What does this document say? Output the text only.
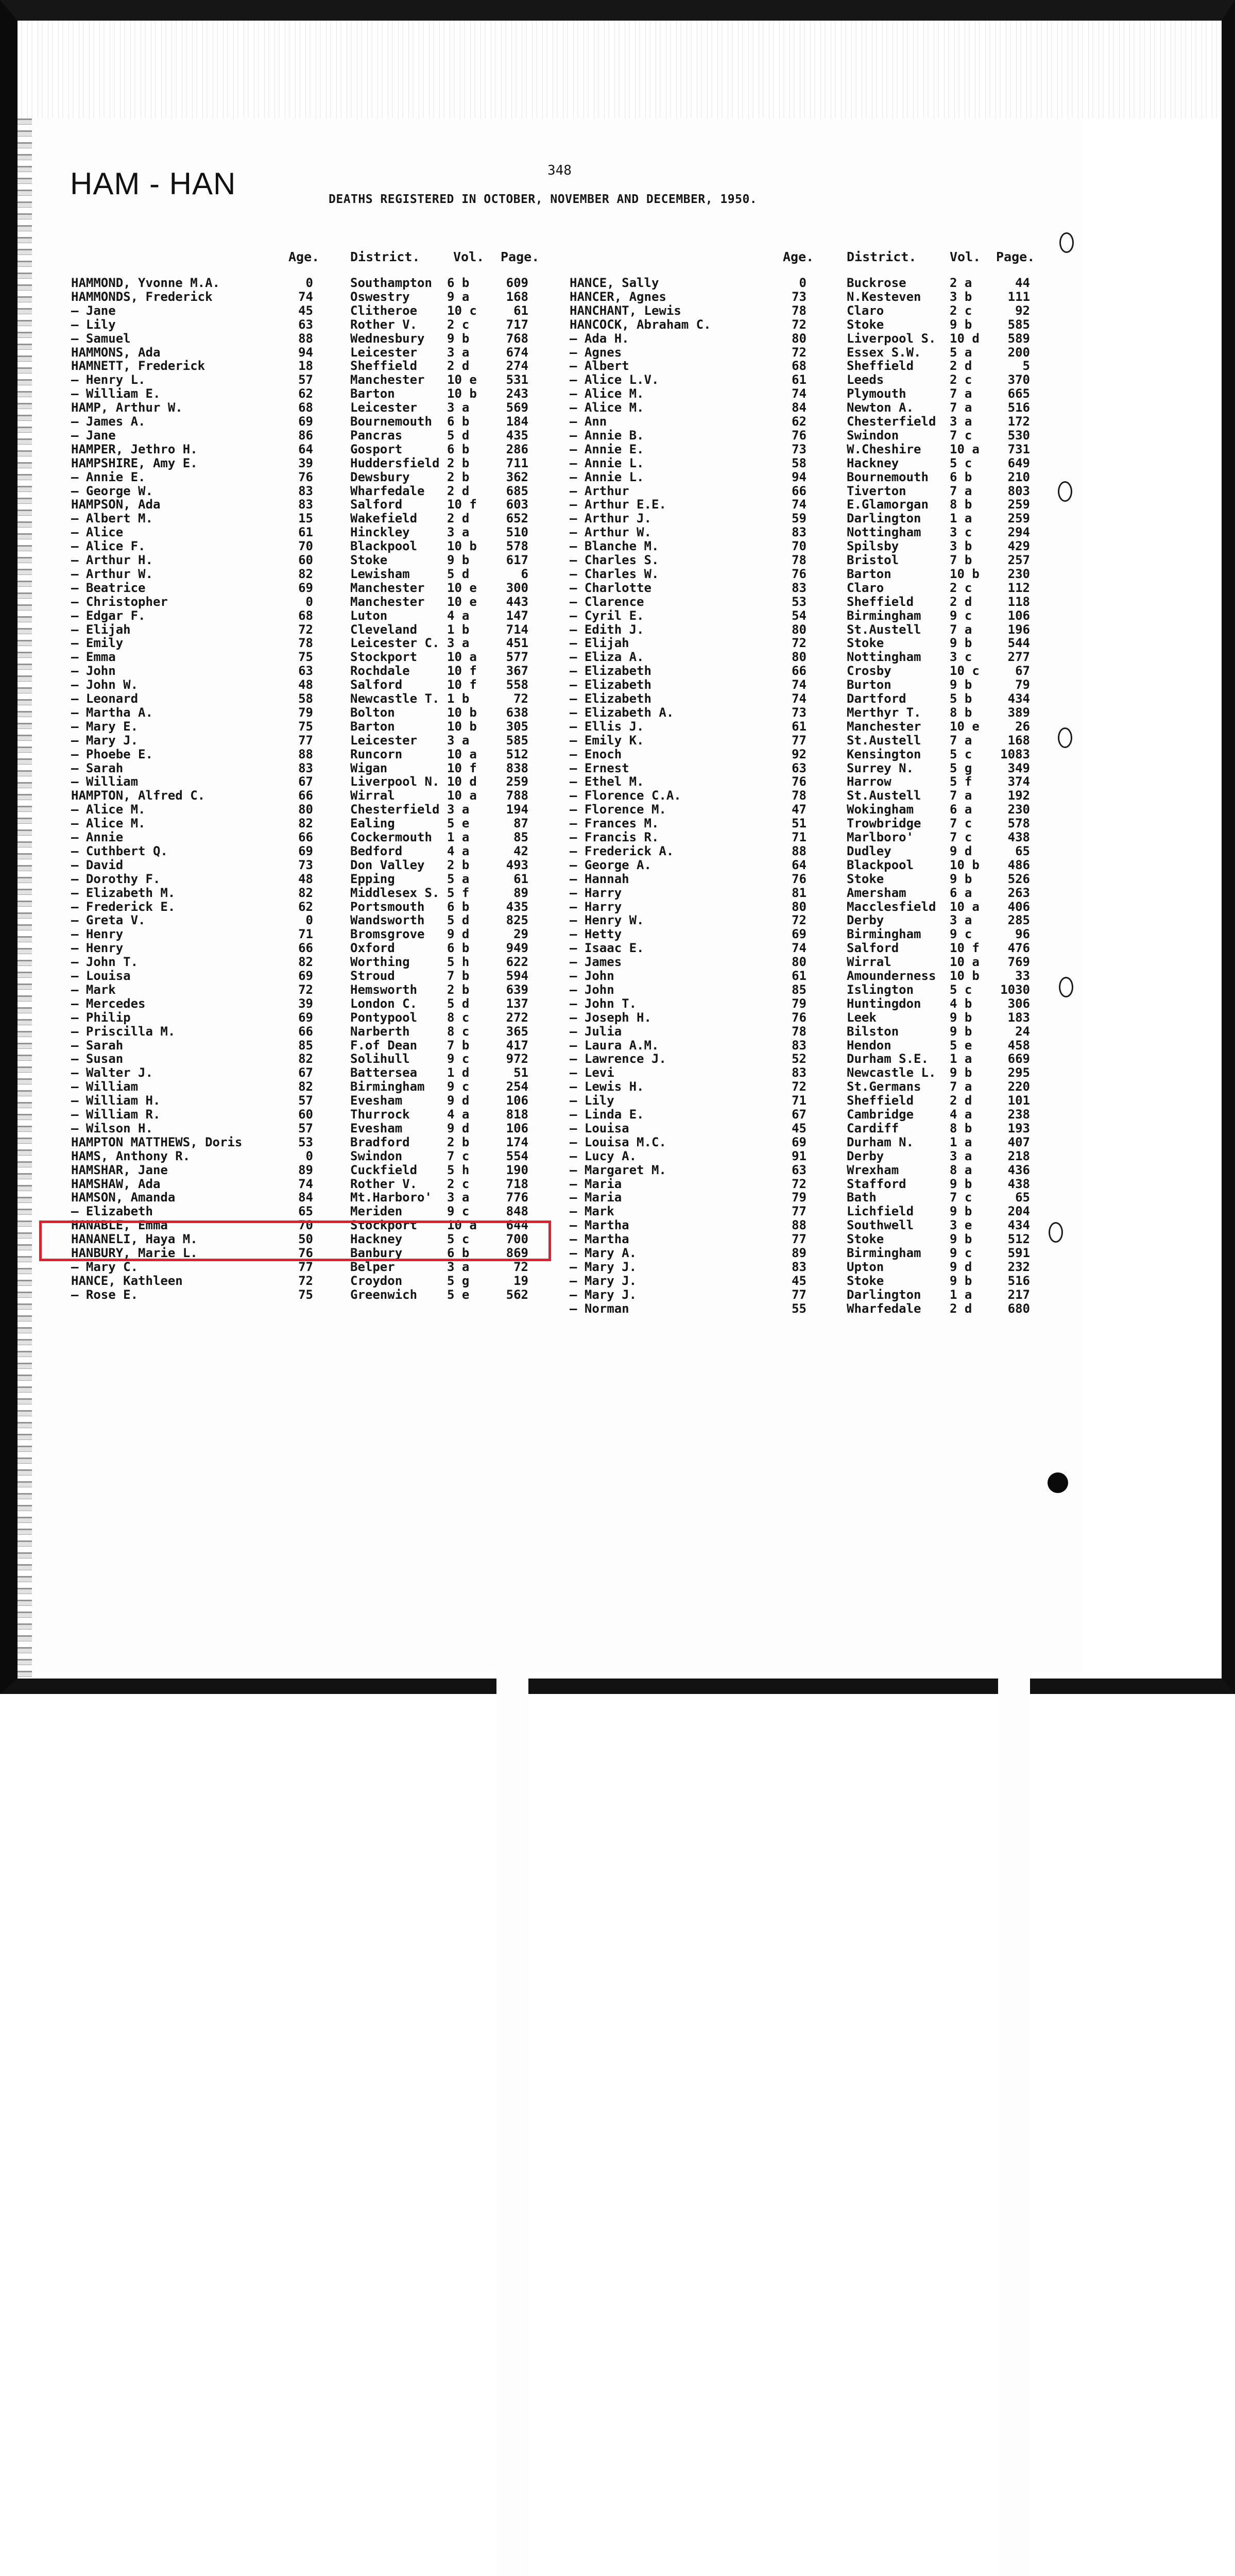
HAM - HAN	348
DEATHS REGISTERED IN OCTOBER, NOVEMBER AND DECEMBER, 1950.
Age. District.	Vol. Page.	Age.	District.	Vol. Page.
HAMMOND, Yvonne M.A.	0	Southampton 6 b	609
HAMMONDS, Frederick	74	Oswestry	9 a	168
— Jane	45	Clitheroe 10 c	61
— Lily	63	Rother V. 2 c	717
— Samuel	88	Wednesbury 9 b	768
HAMMONS, Ada	94	Leicester 3 a	674
HAMNETT, Frederick	18	Sheffield 2 d	274
— Henry L.	57	Manchester 10 e	531
— William E.	62	Barton	10 b	243
HAMP, Arthur W.	68	Leicester 3 a	569
— James A.	69	Bournemouth 6 b	184
— Jane	86	Pancras	5 d	435
HAMPER, Jethro H.	64	Gosport	6 b	286
HAMPSHIRE, Amy E.	39	Huddersfield 2 b	711
— Annie E.	76	Dewsbury	2 b	362
— George W.	83	Wharfedale 2 d	685
HAMPSON, Ada	83	Salford	10 f	603
— Albert M.	15	Wakefield 2 d	652
— Alice	61	Hinckley	3 a	510
— Alice F.	70	Blackpool 10 b	578
— Arthur H.	60	Stoke	9 b	617
— Arthur W.	82	Lewisham	5 d	6
— Beatrice	69	Manchester 10 e	300
— Christopher	0	Manchester 10 e	443
— Edgar F.	68	Luton	4 a	147
— Elijah	72	Cleveland 1 b	714
— Emily	78	Leicester C. 3 a	451
— Emma	75	Stockport 10 a	577
— John	63	Rochdale	10 f	367
— John W.	48	Salford	10 f	558
— Leonard	58	Newcastle T. 1 b	72
— Martha A.	79	Bolton	10 b	638
— Mary E.	75	Barton	10 b	305
— Mary J.	77	Leicester 3 a	585
— Phoebe E.	88	Runcorn	10 a	512
— Sarah	83	Wigan	10 f	838
— William	67	Liverpool N. 10 d	259
HAMPTON, Alfred C.	66	Wirral	10 a	788
— Alice M.	80	Chesterfield 3 a	194
— Alice M.	82	Ealing	5 e	87
— Annie	66	Cockermouth 1 a	85
— Cuthbert Q.	69	Bedford	4 a	42
— David	73	Don Valley 2 b	493
— Dorothy F.	48	Epping	5 a	61
— Elizabeth M.	82	Middlesex S. 5 f	89
— Frederick E.	62	Portsmouth 6 b	435
— Greta V.	0	Wandsworth 5 d	825
— Henry	71	Bromsgrove 9 d	29
— Henry	66	Oxford	6 b	949
— John T.	82	Worthing	5 h	622
— Louisa	69	Stroud	7 b	594
— Mark	72	Hemsworth 2 b	639
— Mercedes	39	London C. 5 d	137
— Philip	69	Pontypool 8 c	272
— Priscilla M.	66	Narberth	8 c	365
— Sarah	85	F.of Dean 7 b	417
— Susan	82	Solihull	9 c	972
— Walter J.	67	Battersea 1 d	51
— William	82	Birmingham 9 c	254
— William H.	57	Evesham	9 d	106
— William R.	60	Thurrock	4 a	818
— Wilson H.	57	Evesham	9 d	106
HAMPTON MATTHEWS, Doris	53	Bradford	2 b	174
HAMS, Anthony R.	0	Swindon	7 c	554
HAMSHAR, Jane	89	Cuckfield 5 h	190
HAMSHAW, Ada	74	Rother V. 2 c	718
HAMSON, Amanda	84	Mt.Harboro' 3 a	776
— Elizabeth	65	Meriden	9 c	848
HANABLE, Emma	70	Stockport 10 a	644
HANANELI, Haya M.	50	Hackney	5 c	700
HANBURY, Marie L.	76	Banbury	6 b	869
— Mary C.	77	Belper	3 a	72
HANCE, Kathleen	72	Croydon	5 g	19
— Rose E.	75	Greenwich 5 e	562
HANCE, Sally	0	Buckrose	2 a	44
HANCER, Agnes	73	N.Kesteven 3 b	111
HANCHANT, Lewis	78	Claro	2 c	92
HANCOCK, Abraham C.	72	Stoke	9 b	585
— Ada H.	80	Liverpool S. 10 d	589
— Agnes	72	Essex S.W. 5 a	200
— Albert	68	Sheffield	2 d	5
— Alice L.V.	61	Leeds	2 c	370
— Alice M.	74	Plymouth	7 a	665
— Alice M.	84	Newton A.	7 a	516
— Ann	62	Chesterfield 3 a	172
— Annie B.	76	Swindon	7 c	530
— Annie E.	73	W.Cheshire 10 a	731
— Annie L.	58	Hackney	5 c	649
— Annie L.	94	Bournemouth 6 b	210
— Arthur	66	Tiverton	7 a	803
— Arthur E.E.	74	E.Glamorgan 8 b	259
— Arthur J.	59	Darlington 1 a	259
— Arthur W.	83	Nottingham 3 c	294
— Blanche M.	70	Spilsby	3 b	429
— Charles S.	78	Bristol	7 b	257
— Charles W.	76	Barton	10 b	230
— Charlotte	83	Claro	2 c	112
— Clarence	53	Sheffield	2 d	118
— Cyril E.	54	Birmingham 9 c	106
— Edith J.	80	St.Austell 7 a	196
— Elijah	72	Stoke	9 b	544
— Eliza A.	80	Nottingham 3 c	277
— Elizabeth	66	Crosby	10 c	67
— Elizabeth	74	Burton	9 b	79
— Elizabeth	74	Dartford	5 b	434
— Elizabeth A.	73	Merthyr T. 8 b	389
— Ellis J.	61	Manchester 10 e	26
— Emily K.	77	St.Austell 7 a	168
— Enoch	92	Kensington 5 c 1083
— Ernest	63	Surrey N.	5 g	349
— Ethel M.	76	Harrow	5 f	374
— Florence C.A.	78	St.Austell 7 a	192
— Florence M.	47	Wokingham	6 a	230
— Frances M.	51	Trowbridge 7 c	578
— Francis R.	71	Marlboro'	7 c	438
— Frederick A.	88	Dudley	9 d	65
— George A.	64	Blackpool	10 b	486
— Hannah	76	Stoke	9 b	526
— Harry	81	Amersham	6 a	263
— Harry	80	Macclesfield 10 a	406
— Henry W.	72	Derby	3 a	285
— Hetty	69	Birmingham 9 c	96
— Isaac E.	74	Salford	10 f	476
— James	80	Wirral	10 a	769
— John	61	Amounderness 10 b	33
— John	85	Islington	5 c 1030
— John T.	79	Huntingdon 4 b	306
— Joseph H.	76	Leek	9 b	183
— Julia	78	Bilston	9 b	24
— Laura A.M.	83	Hendon	5 e	458
— Lawrence J.	52	Durham S.E. 1 a	669
— Levi	83	Newcastle L. 9 b	295
— Lewis H.	72	St.Germans 7 a	220
— Lily	71	Sheffield	2 d	101
— Linda E.	67	Cambridge	4 a	238
— Louisa	45	Cardiff	8 b	193
— Louisa M.C.	69	Durham N.	1 a	407
— Lucy A.	91	Derby	3 a	218
— Margaret M.	63	Wrexham	8 a	436
— Maria	72	Stafford	9 b	438
— Maria	79	Bath	7 c	65
— Mark	77	Lichfield	9 b	204
— Martha	88	Southwell	3 e	434
— Martha	77	Stoke	9 b	512
— Mary A.	89	Birmingham 9 c	591
— Mary J.	83	Upton	9 d	232
— Mary J.	45	Stoke	9 b	516
— Mary J.	77	Darlington 1 a	217
— Norman	55	Wharfedale 2 d	680
